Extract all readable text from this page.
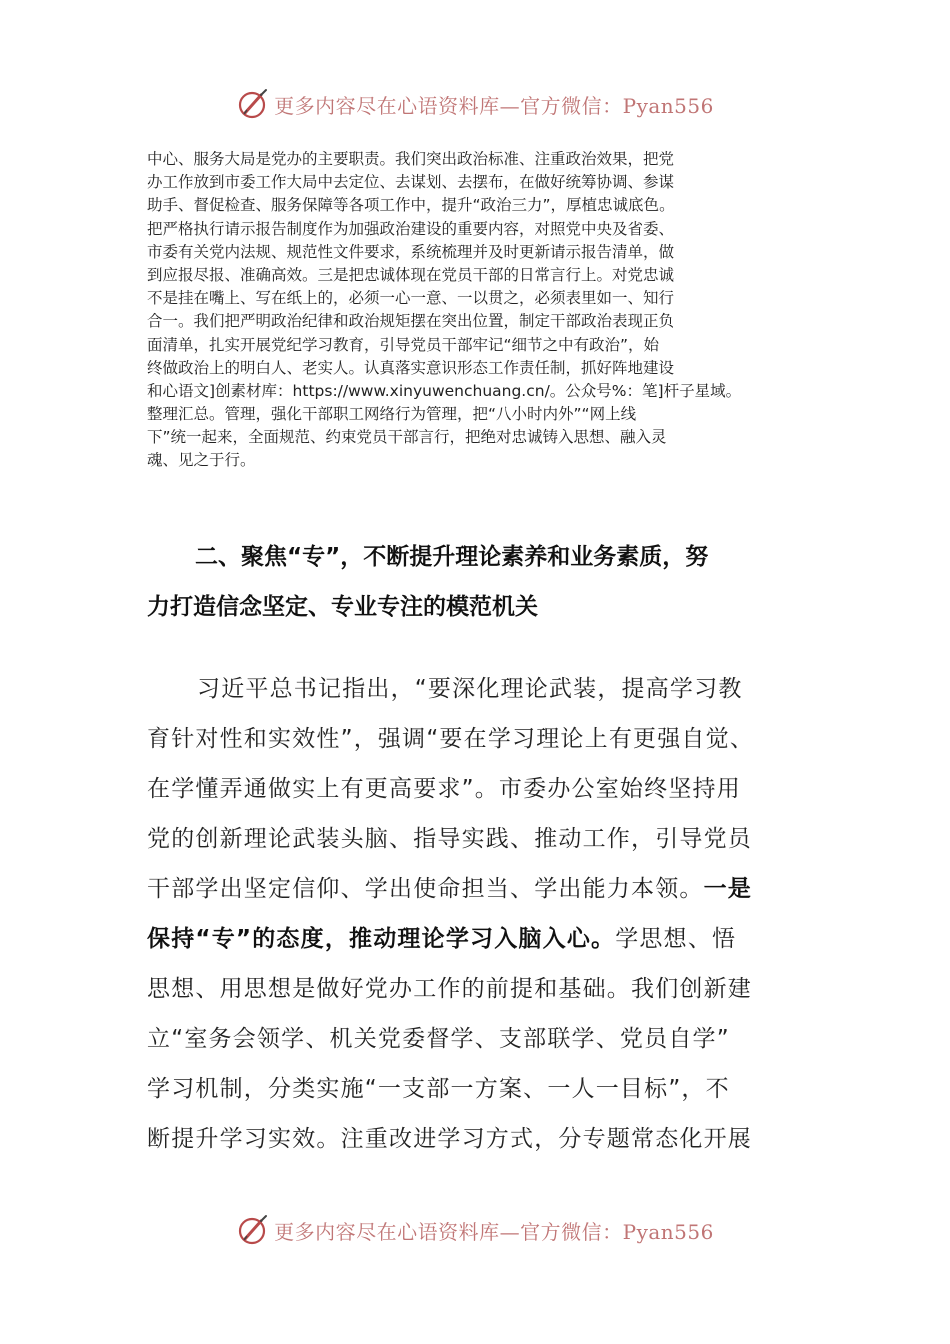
更多内容尽在心语资料库—官方微信：Pyan556
中心、服务大局是党办的主要职责。我们突出政治标准、注重政治效果，把党
办工作放到市委工作大局中去定位、去谋划、去摆布，在做好统筹协调、参谋
助手、督促检查、服务保障等各项工作中，提升“政治三力”，厚植忠诚底色。
把严格执行请示报告制度作为加强政治建设的重要内容，对照党中央及省委、
市委有关党内法规、规范性文件要求，系统梳理并及时更新请示报告清单，做
到应报尽报、准确高效。三是把忠诚体现在党员干部的日常言行上。对党忠诚
不是挂在嘴上、写在纸上的，必须一心一意、一以贯之，必须表里如一、知行
合一。我们把严明政治纪律和政治规矩摆在突出位置，制定干部政治表现正负
面清单，扎实开展党纪学习教育，引导党员干部牢记“细节之中有政治”，始
终做政治上的明白人、老实人。认真落实意识形态工作责任制，抓好阵地建设
和心语文]创素材库：https://www.xinyuwenchuang.cn/。公众号%：笔]杆子星域。
整理汇总。管理，强化干部职工网络行为管理，把“八小时内外”“网上线
下”统一起来，全面规范、约束党员干部言行，把绝对忠诚铸入思想、融入灵
魂、见之于行。
二、聚焦“专”，不断提升理论素养和业务素质，努
力打造信念坚定、专业专注的模范机关
习近平总书记指出，“要深化理论武装，提高学习教
育针对性和实效性”，强调“要在学习理论上有更强自觉、
在学懂弄通做实上有更高要求”。市委办公室始终坚持用
党的创新理论武装头脑、指导实践、推动工作，引导党员
干部学出坚定信仰、学出使命担当、学出能力本领。一是
保持“专”的态度，推动理论学习入脑入心。学思想、悟
思想、用思想是做好党办工作的前提和基础。我们创新建
立“室务会领学、机关党委督学、支部联学、党员自学”
学习机制，分类实施“一支部一方案、一人一目标”，不
断提升学习实效。注重改进学习方式，分专题常态化开展
更多内容尽在心语资料库—官方微信：Pyan556
